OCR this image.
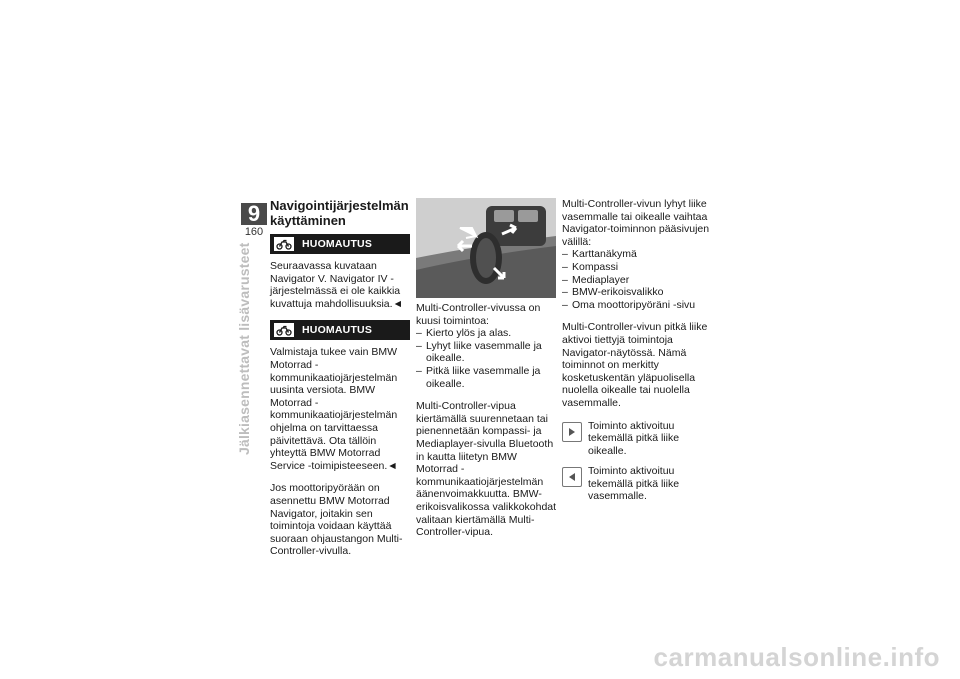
9
160
Jälkiasennettavat lisävarusteet
Navigointijärjestelmän käyttäminen
HUOMAUTUS

Seuraavassa kuvataan Navigator V. Navigator IV -järjestelmässä ei ole kaikkia kuvattuja mahdollisuuksia.◄

HUOMAUTUS

Valmistaja tukee vain BMW Motorrad -kommunikaatiojärjestelmän uusinta versiota. BMW Motorrad -kommunikaatiojärjestelmän ohjelma on tarvittaessa päivitettävä. Ota tällöin yhteyttä BMW Motorrad Service -toimipisteeseen.◄

Jos moottoripyörään on asennettu BMW Motorrad Navigator, joitakin sen toimintoja voidaan käyttää suoraan ohjaustangon Multi-Controller-vivulla.

Multi-Controller-vivussa on kuusi toimintoa:

– Kierto ylös ja alas.
– Lyhyt liike vasemmalle ja oikealle.
– Pitkä liike vasemmalle ja oikealle.

Multi-Controller-vipua kiertämällä suurennetaan tai pienennetään kompassi- ja Mediaplayer-sivulla Bluetooth in kautta liitetyn BMW Motorrad -kommunikaatiojärjestelmän äänenvoimakkuutta. BMW-erikoisvalikossa valikkokohdat valitaan kiertämällä Multi-Controller-vipua.

Multi-Controller-vivun lyhyt liike vasemmalle tai oikealle vaihtaa Navigator-toiminnon pääsivujen välillä:

– Karttanäkymä
– Kompassi
– Mediaplayer
– BMW-erikoisvalikko
– Oma moottoripyöräni -sivu

Multi-Controller-vivun pitkä liike aktivoi tiettyjä toimintoja Navigator-näytössä. Nämä toiminnot on merkitty kosketuskentän yläpuolisella nuolella oikealle tai nuolella vasemmalle.

Toiminto aktivoituu tekemällä pitkä liike oikealle.
Toiminto aktivoituu tekemällä pitkä liike vasemmalle.
carmanualsonline.info
